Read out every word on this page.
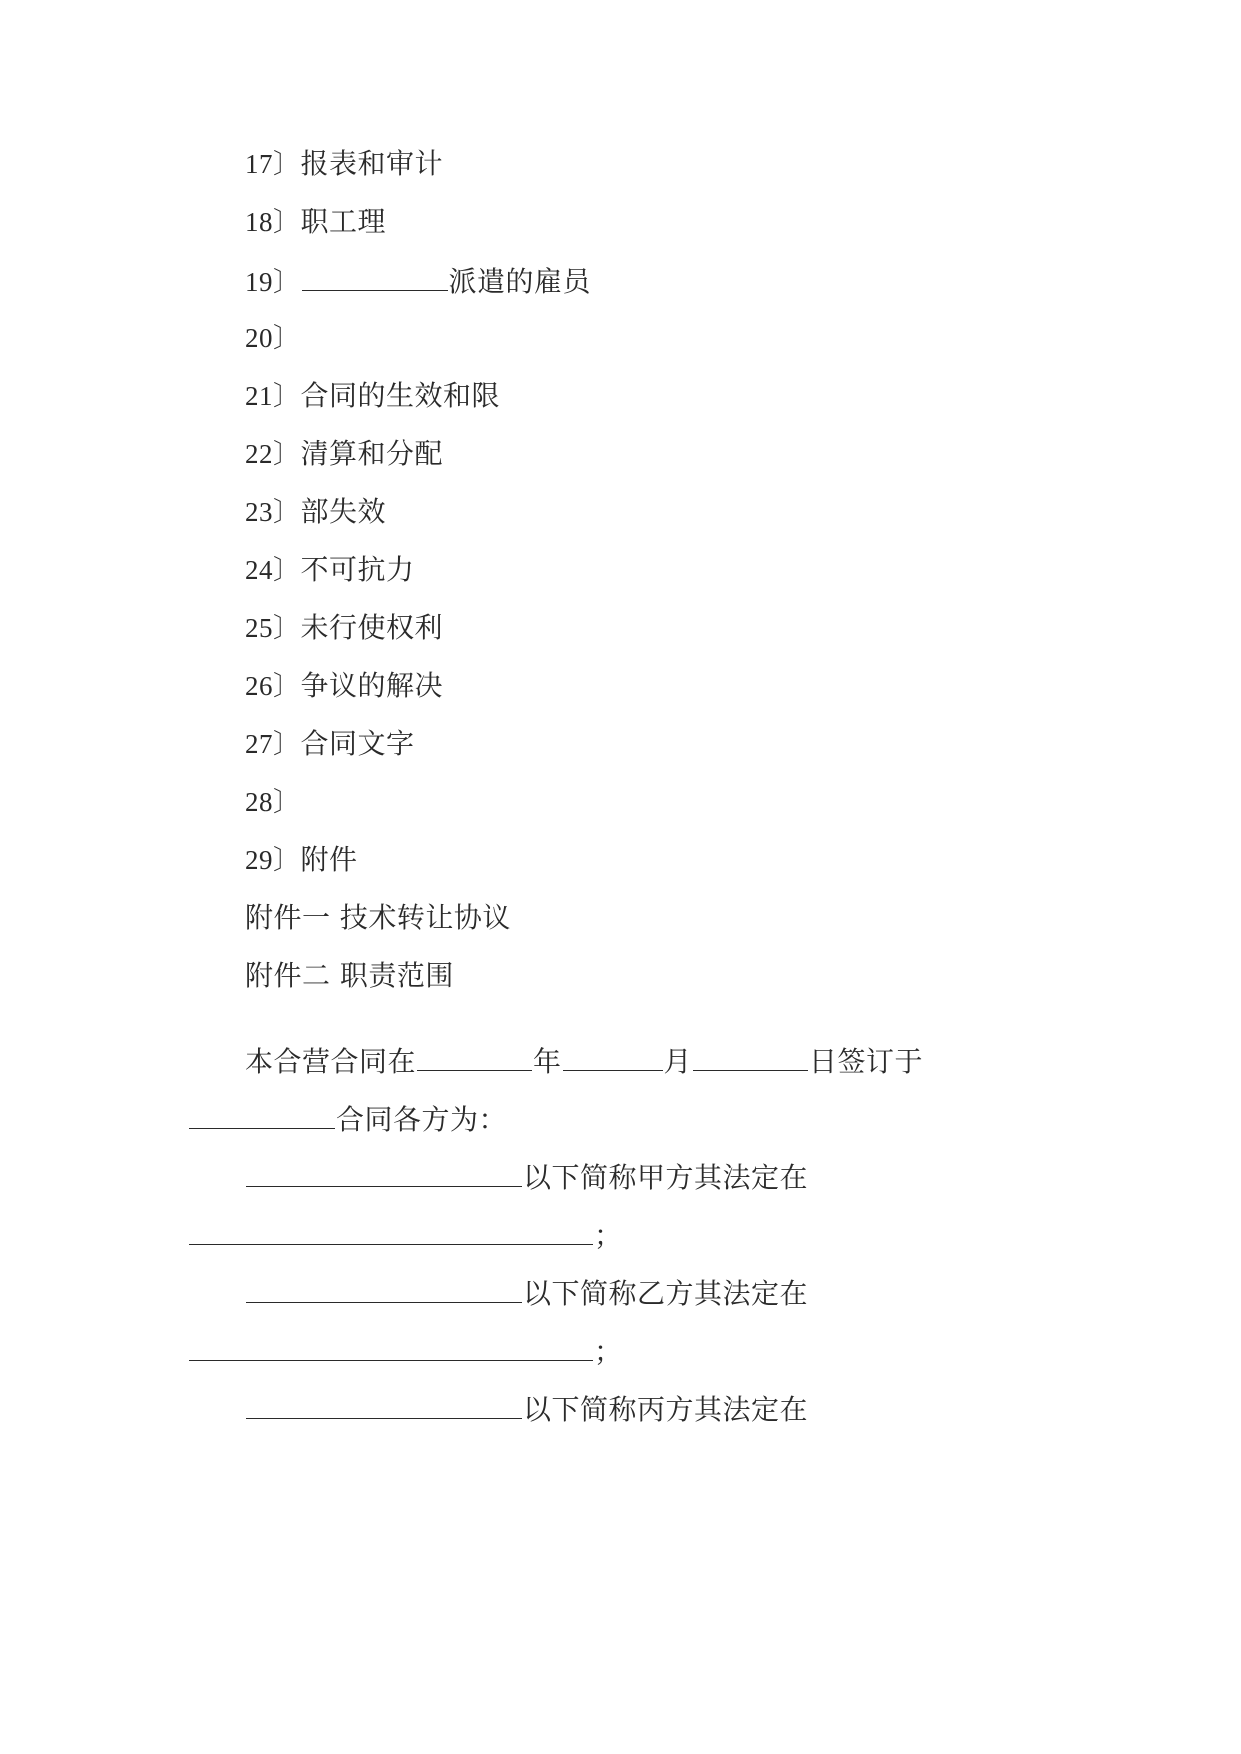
17〕报表和审计
18〕职工理
19〕	派遣的雇员
20〕
21〕合同的生效和限
22〕清算和分配
23〕部失效
24〕不可抗力
25〕未行使权利
26〕争议的解决
27〕合同文字
28〕
29〕附件
附件一 技术转让协议
附件二 职责范围
本合营合同在	年	月	日签订于
合同各方为：
以下简称甲方其法定在
；
以下简称乙方其法定在
；
以下简称丙方其法定在
